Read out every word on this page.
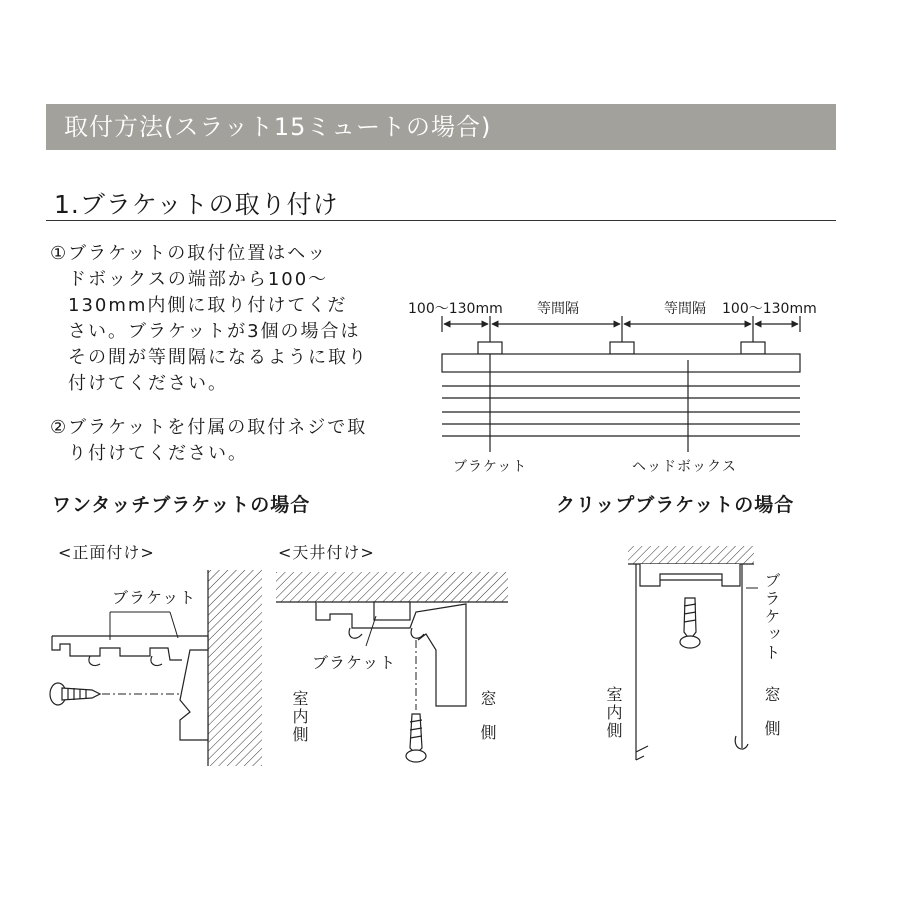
取付方法(スラット15ミュートの場合)
1.ブラケットの取り付け
①ブラケットの取付位置はヘッ
ドボックスの端部から100〜
130mm内側に取り付けてくだ
さい。ブラケットが3個の場合は
その間が等間隔になるように取り
付けてください。
②ブラケットを付属の取付ネジで取
り付けてください。
100〜130mm 等間隔	等間隔 100〜130mm
ブラケット	ヘッドボックス
ワンタッチブラケットの場合	クリップブラケットの場合
<正面付け>	<天井付け>
ブラケット
ブラケット
室内側	窓側	室内側
ブラケット
窓側
